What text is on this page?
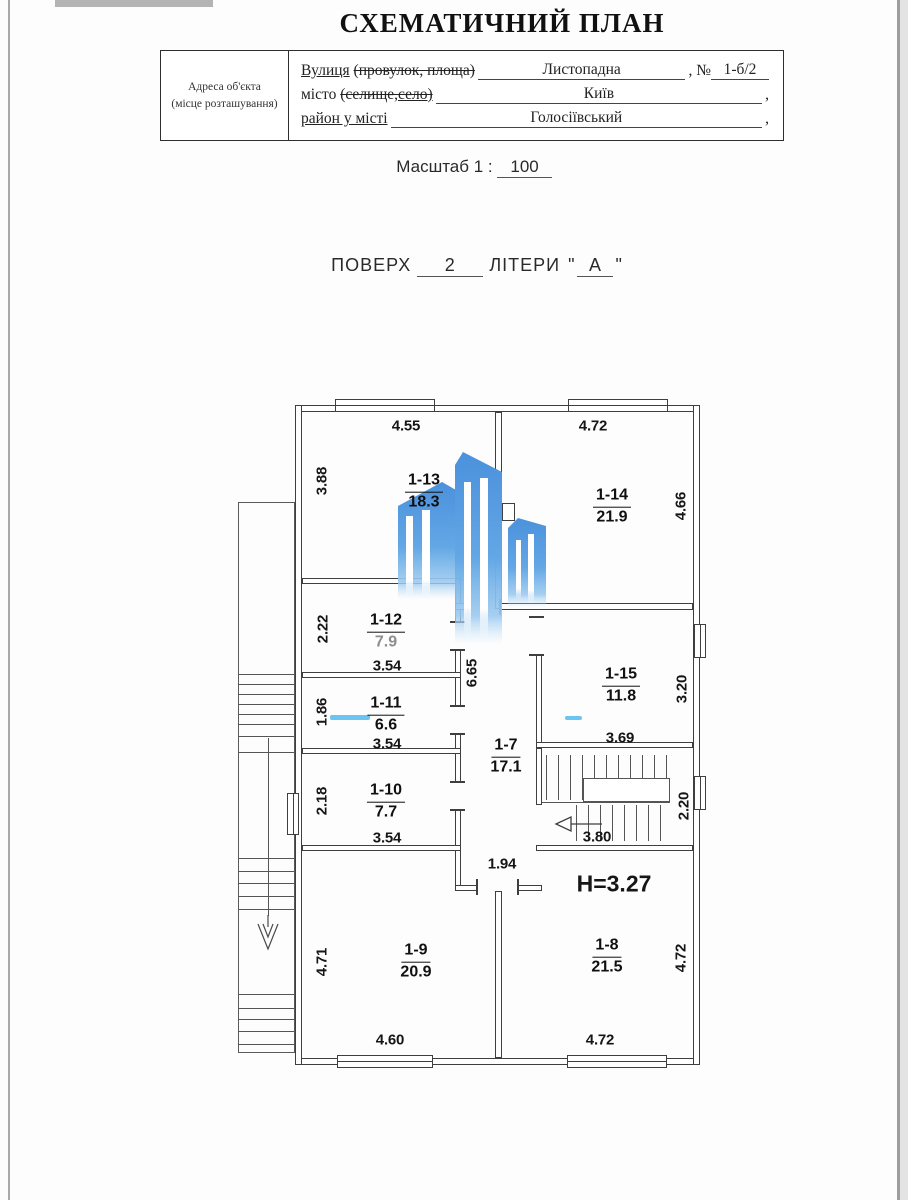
СХЕМАТИЧНИЙ ПЛАН
Адреса об'єкта
(місце розташування)
Вулиця
(провулок, площа)	Листопадна	, № 1-б/2
місто
(селище, село)	Київ	,
район у місті	Голосіївський	,
Масштаб 1 : 100
ПОВЕРХ 2 ЛІТЕРИ " А "
4.55	4.72
3.88
4.66
2.22
3.54
1.86
3.54
2.18
3.54
6.65
3.20
3.69
2.20
3.80
1.94
Н=3.27
4.71	4.72
4.60	4.72
1-13
18.3	1-14
21.9
1-12
7.9
1-11
6.6
1-10
7.7
1-7
17.1
1-15
11.8
1-9
20.9
1-8
21.5
